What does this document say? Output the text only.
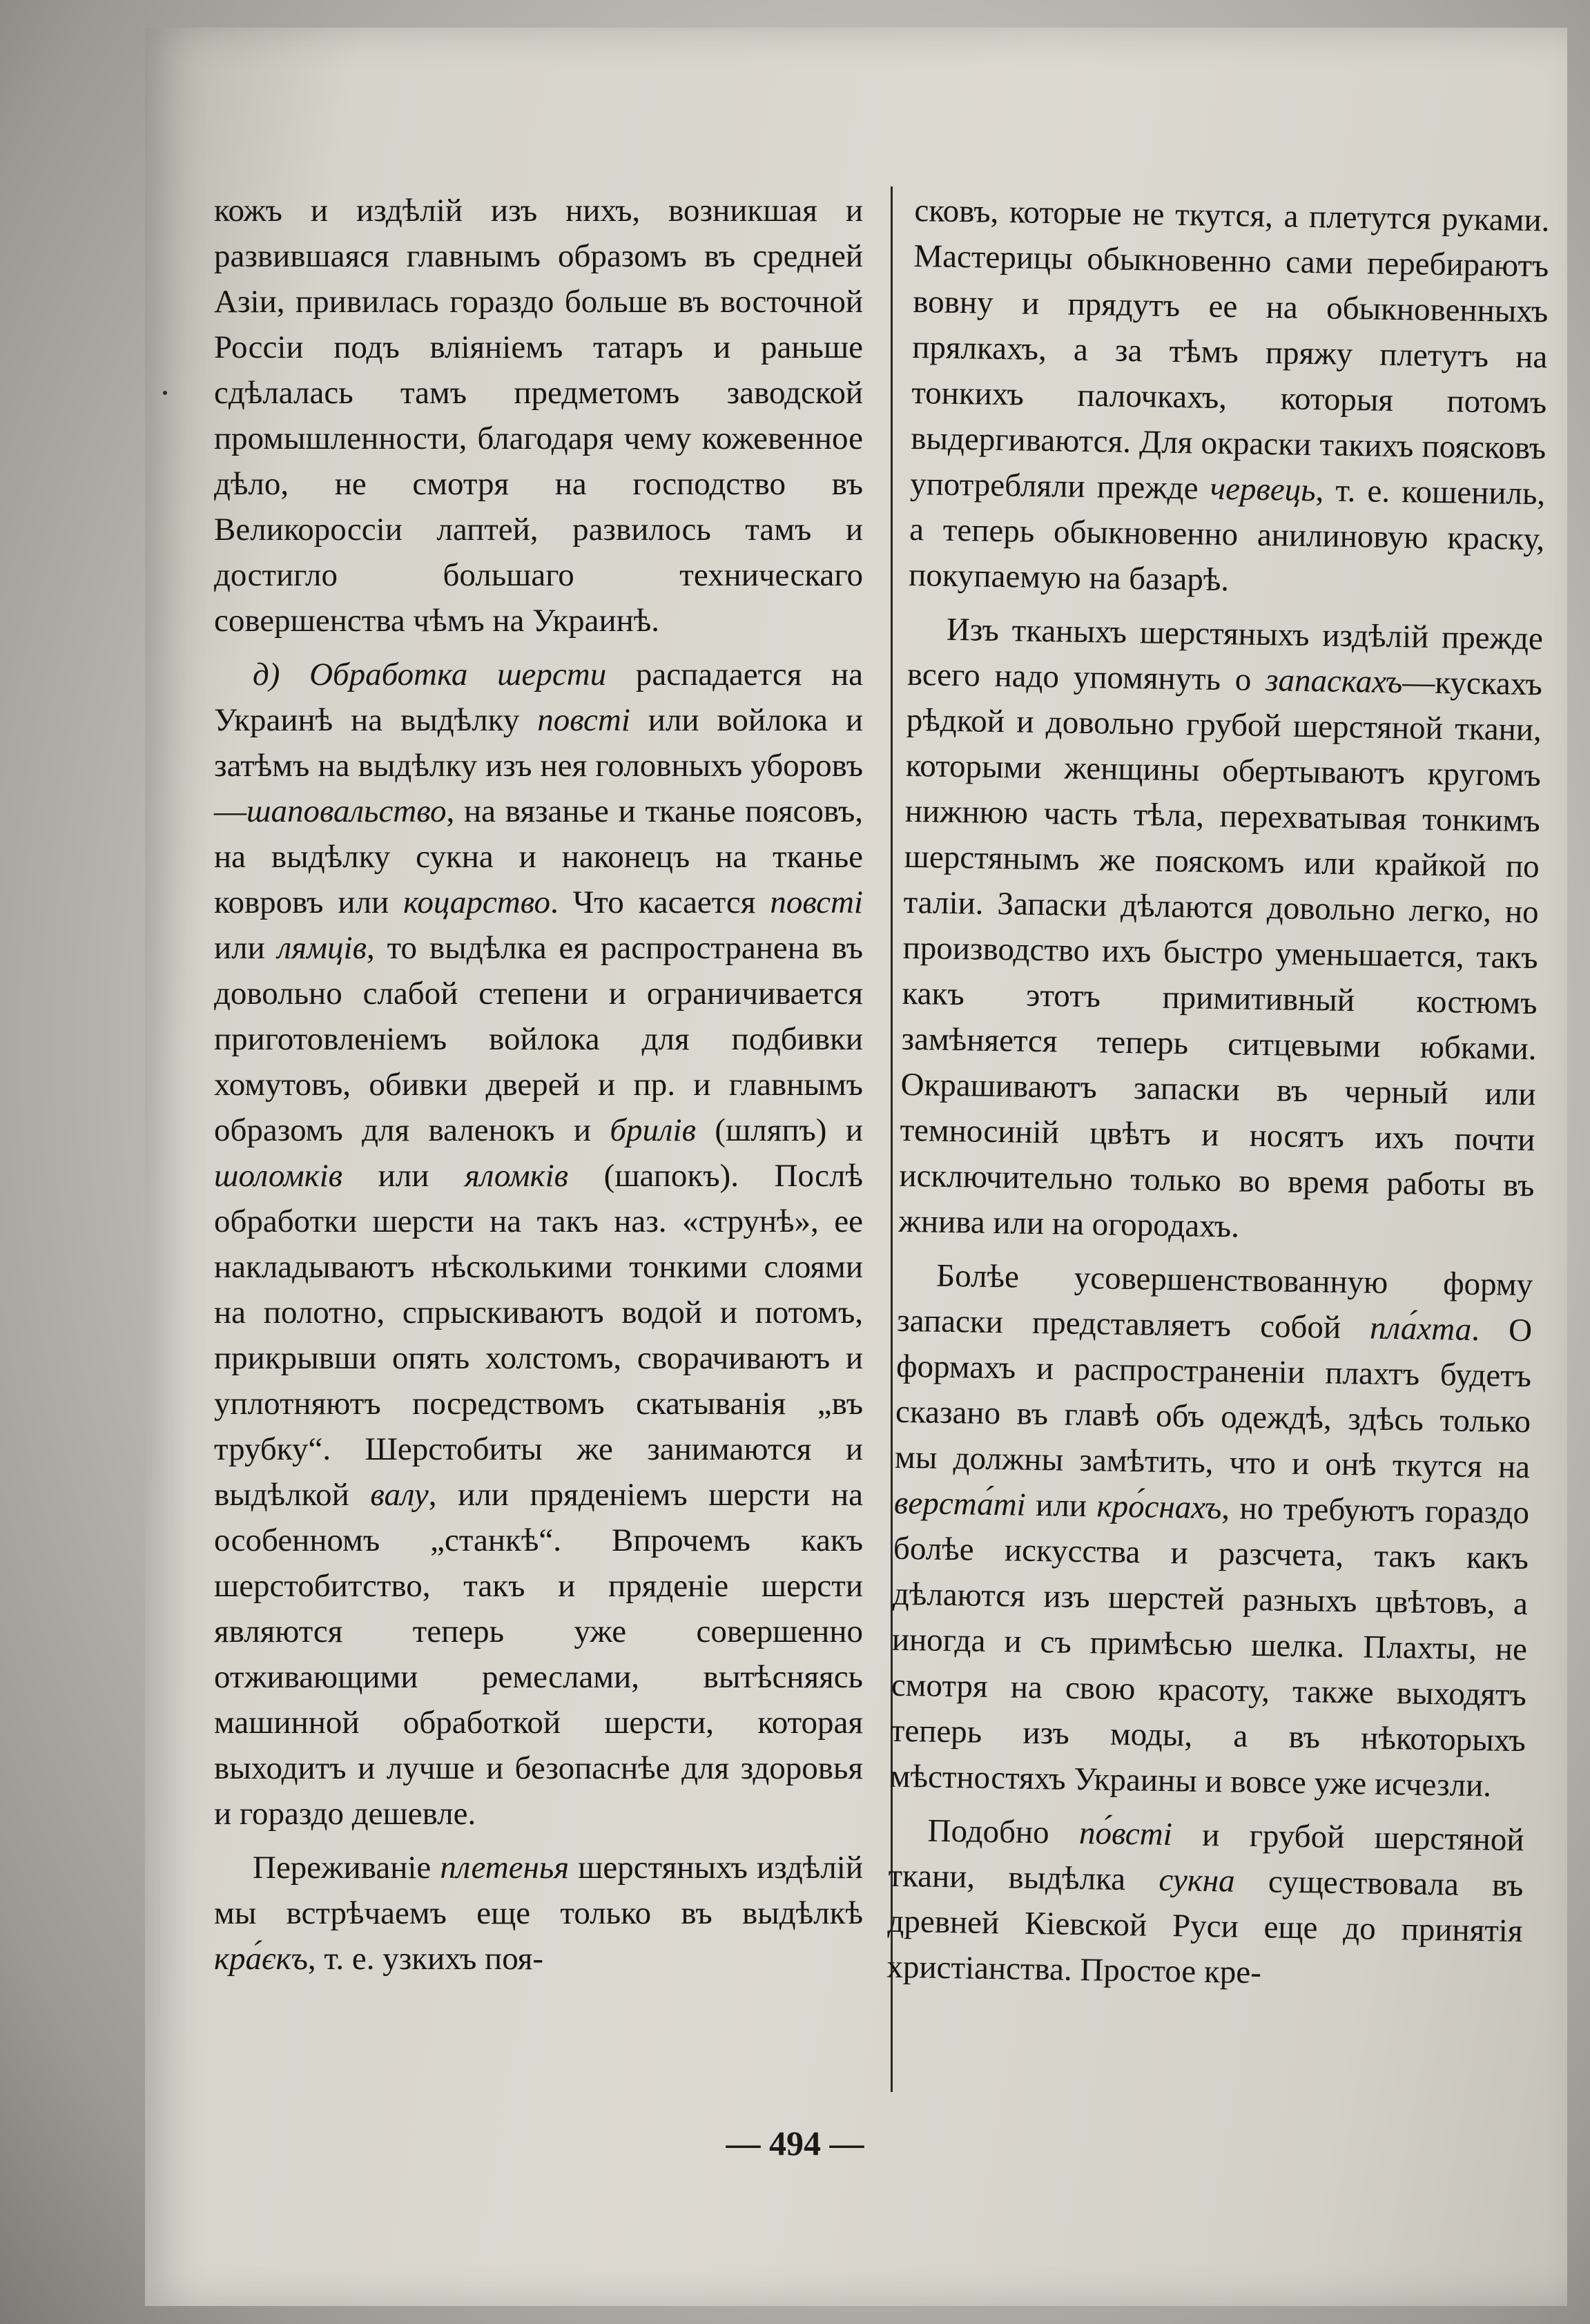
кожъ и издѣлій изъ нихъ, возникшая и развившаяся главнымъ образомъ въ средней Азіи, привилась гораздо больше въ восточной Россіи подъ вліяніемъ татаръ и раньше сдѣлалась тамъ предметомъ заводской промышленности, благодаря чему кожевенное дѣло, не смотря на господство въ Великороссіи лаптей, развилось тамъ и достигло большаго техническаго совершенства чѣмъ на Украинѣ.

д) Обработка шерсти распадается на Украинѣ на выдѣлку повсті или войлока и затѣмъ на выдѣлку изъ нея головныхъ уборовъ—шаповальство, на вязанье и тканье поясовъ, на выдѣлку сукна и наконецъ на тканье ковровъ или коцарство. Что касается повсті или лямців, то выдѣлка ея распространена въ довольно слабой степени и ограничивается приготовленіемъ войлока для подбивки хомутовъ, обивки дверей и пр. и главнымъ образомъ для валенокъ и брилів (шляпъ) и шоломків или яломків (шапокъ). Послѣ обработки шерсти на такъ наз. «струнѣ», ее накладываютъ нѣсколькими тонкими слоями на полотно, спрыскиваютъ водой и потомъ, прикрывши опять холстомъ, сворачиваютъ и уплотняютъ посредствомъ скатыванія „въ трубку“. Шерстобиты же занимаются и выдѣлкой валу, или пряденіемъ шерсти на особенномъ „станкѣ“. Впрочемъ какъ шерстобитство, такъ и пряденіе шерсти являются теперь уже совершенно отживающими ремеслами, вытѣсняясь машинной обработкой шерсти, которая выходитъ и лучше и безопаснѣе для здоровья и гораздо дешевле.

Переживаніе плетенья шерстяныхъ издѣлій мы встрѣчаемъ еще только въ выдѣлкѣ кра́єкъ, т. е. узкихъ поя-

сковъ, которые не ткутся, а плетутся руками. Мастерицы обыкновенно сами перебираютъ вовну и прядутъ ее на обыкновенныхъ прялкахъ, а за тѣмъ пряжу плетутъ на тонкихъ палочкахъ, которыя потомъ выдергиваются. Для окраски такихъ поясковъ употребляли прежде червець, т. е. кошениль, а теперь обыкновенно анилиновую краску, покупаемую на базарѣ.

Изъ тканыхъ шерстяныхъ издѣлій прежде всего надо упомянуть о запаскахъ—кускахъ рѣдкой и довольно грубой шерстяной ткани, которыми женщины обертываютъ кругомъ нижнюю часть тѣла, перехватывая тонкимъ шерстянымъ же пояскомъ или крайкой по таліи. Запаски дѣлаются довольно легко, но производство ихъ быстро уменьшается, такъ какъ этотъ примитивный костюмъ замѣняется теперь ситцевыми юбками. Окрашиваютъ запаски въ черный или темносиній цвѣтъ и носятъ ихъ почти исключительно только во время работы въ жнива или на огородахъ.

Болѣе усовершенствованную форму запаски представляетъ собой пла́хта. О формахъ и распространеніи плахтъ будетъ сказано въ главѣ объ одеждѣ, здѣсь только мы должны замѣтить, что и онѣ ткутся на верста́ті или кро́снахъ, но требуютъ гораздо болѣе искусства и разсчета, такъ какъ дѣлаются изъ шерстей разныхъ цвѣтовъ, а иногда и съ примѣсью шелка. Плахты, не смотря на свою красоту, также выходятъ теперь изъ моды, а въ нѣкоторыхъ мѣстностяхъ Украины и вовсе уже исчезли.

Подобно по́всті и грубой шерстяной ткани, выдѣлка сукна существовала въ древней Кіевской Руси еще до принятія христіанства. Простое кре-

— 494 —
